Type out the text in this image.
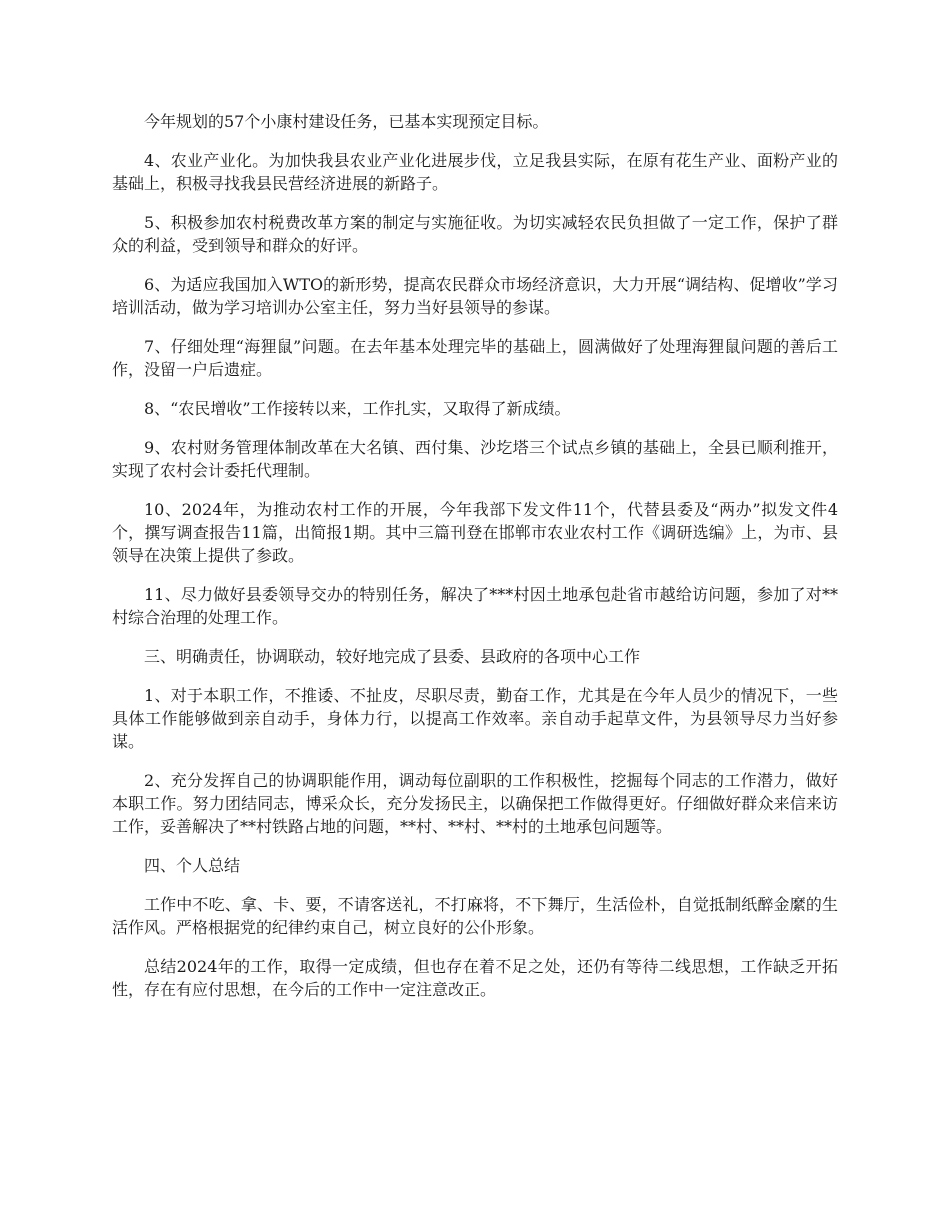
今年规划的57个小康村建设任务，已基本实现预定目标。

4、农业产业化。为加快我县农业产业化进展步伐，立足我县实际，在原有花生产业、面粉产业的基础上，积极寻找我县民营经济进展的新路子。

5、积极参加农村税费改革方案的制定与实施征收。为切实减轻农民负担做了一定工作，保护了群众的利益，受到领导和群众的好评。

6、为适应我国加入WTO的新形势，提高农民群众市场经济意识，大力开展“调结构、促增收”学习培训活动，做为学习培训办公室主任，努力当好县领导的参谋。

7、仔细处理“海狸鼠”问题。在去年基本处理完毕的基础上，圆满做好了处理海狸鼠问题的善后工作，没留一户后遗症。

8、“农民增收”工作接转以来，工作扎实，又取得了新成绩。

9、农村财务管理体制改革在大名镇、西付集、沙圪塔三个试点乡镇的基础上，全县已顺利推开，实现了农村会计委托代理制。

10、2024年，为推动农村工作的开展，今年我部下发文件11个，代替县委及“两办”拟发文件4个，撰写调查报告11篇，出简报1期。其中三篇刊登在邯郸市农业农村工作《调研选编》上，为市、县领导在决策上提供了参政。

11、尽力做好县委领导交办的特别任务，解决了***村因土地承包赴省市越给访问题，参加了对**村综合治理的处理工作。

三、明确责任，协调联动，较好地完成了县委、县政府的各项中心工作

1、对于本职工作，不推诿、不扯皮，尽职尽责，勤奋工作，尤其是在今年人员少的情况下，一些具体工作能够做到亲自动手，身体力行，以提高工作效率。亲自动手起草文件，为县领导尽力当好参谋。

2、充分发挥自己的协调职能作用，调动每位副职的工作积极性，挖掘每个同志的工作潜力，做好本职工作。努力团结同志，博采众长，充分发扬民主，以确保把工作做得更好。仔细做好群众来信来访工作，妥善解决了**村铁路占地的问题，**村、**村、**村的土地承包问题等。

四、个人总结

工作中不吃、拿、卡、要，不请客送礼，不打麻将，不下舞厅，生活俭朴，自觉抵制纸醉金縻的生活作风。严格根据党的纪律约束自己，树立良好的公仆形象。

总结2024年的工作，取得一定成绩，但也存在着不足之处，还仍有等待二线思想，工作缺乏开拓性，存在有应付思想，在今后的工作中一定注意改正。
